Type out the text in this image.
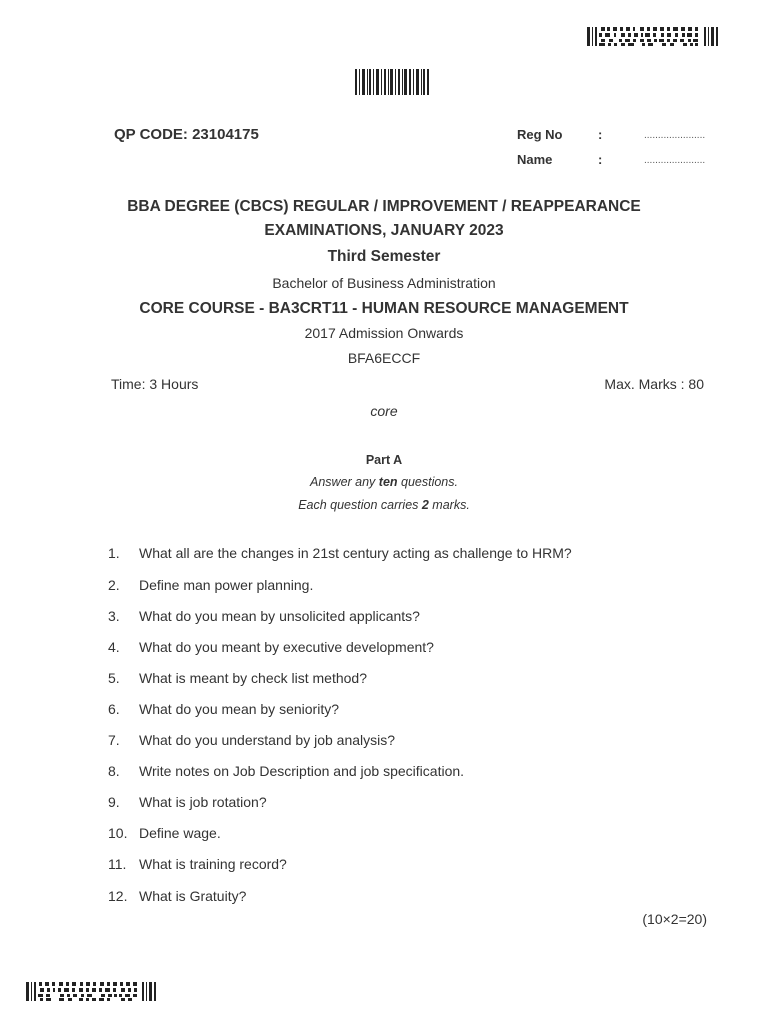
QP CODE: 23104175	Reg No	:	......................
Name	:	......................
BBA DEGREE (CBCS) REGULAR / IMPROVEMENT / REAPPEARANCE
EXAMINATIONS, JANUARY 2023
Third Semester
Bachelor of Business Administration
CORE COURSE - BA3CRT11 - HUMAN RESOURCE MANAGEMENT
2017 Admission Onwards
BFA6ECCF
Time: 3 Hours	Max. Marks : 80
core
Part A
Answer any ten questions.
Each question carries 2 marks.
1. What all are the changes in 21st century acting as challenge to HRM?
2. Define man power planning.
3. What do you mean by unsolicited applicants?
4. What do you meant by executive development?
5. What is meant by check list method?
6. What do you mean by seniority?
7. What do you understand by job analysis?
8. Write notes on Job Description and job specification.
9. What is job rotation?
10. Define wage.
11. What is training record?
12. What is Gratuity?
(10×2=20)
